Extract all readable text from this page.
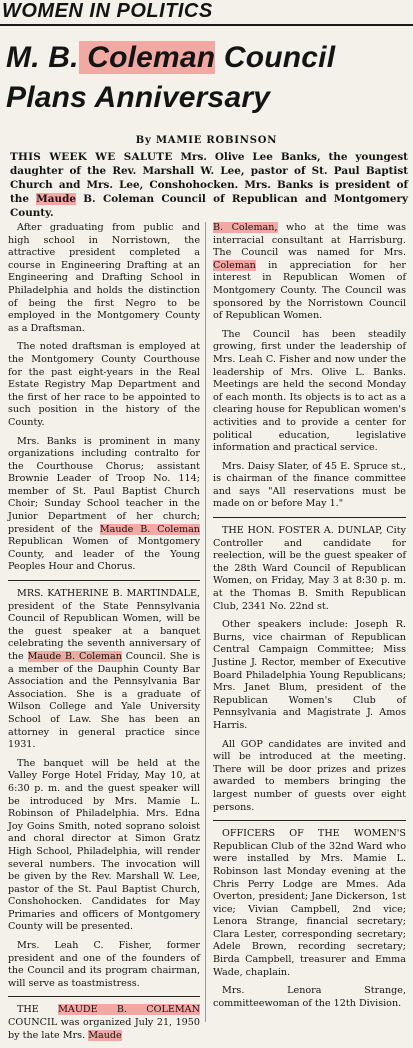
WOMEN IN POLITICS
M. B. Coleman Council
Plans Anniversary
By MAMIE ROBINSON
THIS WEEK WE SALUTE Mrs. Olive Lee Banks, the youngest daughter of the Rev. Marshall W. Lee, pastor of St. Paul Baptist Church and Mrs. Lee, Conshohocken. Mrs. Banks is president of the Maude B. Coleman Council of Republican and Montgomery County.

After graduating from public and high school in Norristown, the attractive president completed a course in Engineering Drafting at an Engineering and Drafting School in Philadelphia and holds the distinction of being the first Negro to be employed in the Montgomery County as a Draftsman.

The noted draftsman is employed at the Montgomery County Courthouse for the past eight-years in the Real Estate Registry Map Department and the first of her race to be appointed to such position in the history of the County.

Mrs. Banks is prominent in many organizations including contralto for the Courthouse Chorus; assistant Brownie Leader of Troop No. 114; member of St. Paul Baptist Church Choir; Sunday School teacher in the Junior Department of her church; president of the Maude B. Coleman Republican Women of Montgomery County, and leader of the Young Peoples Hour and Chorus.

MRS. KATHERINE B. MARTINDALE, president of the State Pennsylvania Council of Republican Women, will be the guest speaker at a banquet celebrating the seventh anniversary of the Maude B. Coleman Council. She is a member of the Dauphin County Bar Association and the Pennsylvania Bar Association. She is a graduate of Wilson College and Yale University School of Law. She has been an attorney in general practice since 1931.

The banquet will be held at the Valley Forge Hotel Friday, May 10, at 6:30 p. m. and the guest speaker will be introduced by Mrs. Mamie L. Robinson of Philadelphia. Mrs. Edna Joy Goins Smith, noted soprano soloist and choral director at Simon Gratz High School, Philadelphia, will render several numbers. The invocation will be given by the Rev. Marshall W. Lee, pastor of the St. Paul Baptist Church, Conshohocken. Candidates for May Primaries and officers of Montgomery County will be presented.

Mrs. Leah C. Fisher, former president and one of the founders of the Council and its program chairman, will serve as toastmistress.

THE MAUDE B. COLEMAN COUNCIL was organized July 21, 1950 by the late Mrs. Maude

B. Coleman, who at the time was interracial consultant at Harrisburg. The Council was named for Mrs. Coleman in appreciation for her interest in Republican Women of Montgomery County. The Council was sponsored by the Norristown Council of Republican Women.

The Council has been steadily growing, first under the leadership of Mrs. Leah C. Fisher and now under the leadership of Mrs. Olive L. Banks. Meetings are held the second Monday of each month. Its objects is to act as a clearing house for Republican women's activities and to provide a center for political education, legislative information and practical service.

Mrs. Daisy Slater, of 45 E. Spruce st., is chairman of the finance committee and says "All reservations must be made on or before May 1."

THE HON. FOSTER A. DUNLAP, City Controller and candidate for reelection, will be the guest speaker of the 28th Ward Council of Republican Women, on Friday, May 3 at 8:30 p. m. at the Thomas B. Smith Republican Club, 2341 No. 22nd st.

Other speakers include: Joseph R. Burns, vice chairman of Republican Central Campaign Committee; Miss Justine J. Rector, member of Executive Board Philadelphia Young Republicans; Mrs. Janet Blum, president of the Republican Women's Club of Pennsylvania and Magistrate J. Amos Harris.

All GOP candidates are invited and will be introduced at the meeting. There will be door prizes and prizes awarded to members bringing the largest number of guests over eight persons.

OFFICERS OF THE WOMEN'S Republican Club of the 32nd Ward who were installed by Mrs. Mamie L. Robinson last Monday evening at the Chris Perry Lodge are Mmes. Ada Overton, president; Jane Dickerson, 1st vice; Vivian Campbell, 2nd vice; Lenora Strange, financial secretary; Clara Lester, corresponding secretary; Adele Brown, recording secretary; Birda Campbell, treasurer and Emma Wade, chaplain.

Mrs. Lenora Strange, committeewoman of the 12th Division.
